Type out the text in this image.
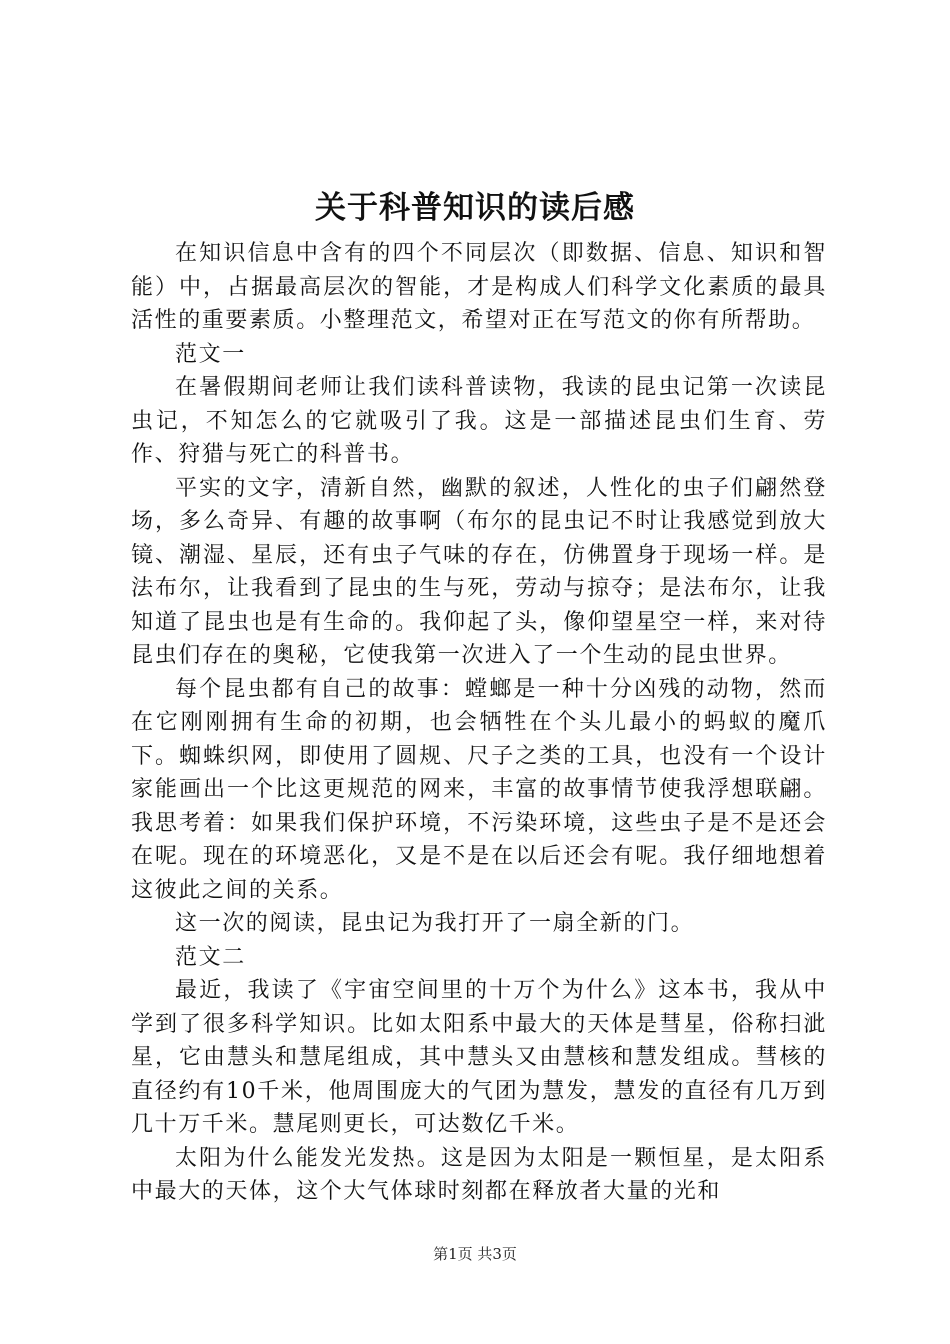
关于科普知识的读后感

在知识信息中含有的四个不同层次（即数据、信息、知识和智能）中，占据最高层次的智能，才是构成人们科学文化素质的最具活性的重要素质。小整理范文，希望对正在写范文的你有所帮助。

范文一

在暑假期间老师让我们读科普读物，我读的昆虫记第一次读昆虫记，不知怎么的它就吸引了我。这是一部描述昆虫们生育、劳作、狩猎与死亡的科普书。

平实的文字，清新自然，幽默的叙述，人性化的虫子们翩然登场，多么奇异、有趣的故事啊（布尔的昆虫记不时让我感觉到放大镜、潮湿、星辰，还有虫子气味的存在，仿佛置身于现场一样。是法布尔，让我看到了昆虫的生与死，劳动与掠夺；是法布尔，让我知道了昆虫也是有生命的。我仰起了头，像仰望星空一样，来对待昆虫们存在的奥秘，它使我第一次进入了一个生动的昆虫世界。

每个昆虫都有自己的故事：螳螂是一种十分凶残的动物，然而在它刚刚拥有生命的初期，也会牺牲在个头儿最小的蚂蚁的魔爪下。蜘蛛织网，即使用了圆规、尺子之类的工具，也没有一个设计家能画出一个比这更规范的网来，丰富的故事情节使我浮想联翩。我思考着：如果我们保护环境，不污染环境，这些虫子是不是还会在呢。现在的环境恶化，又是不是在以后还会有呢。我仔细地想着这彼此之间的关系。

这一次的阅读，昆虫记为我打开了一扇全新的门。

范文二

最近，我读了《宇宙空间里的十万个为什么》这本书，我从中学到了很多科学知识。比如太阳系中最大的天体是彗星，俗称扫泚星，它由慧头和慧尾组成，其中慧头又由慧核和慧发组成。彗核的直径约有10千米，他周围庞大的气团为慧发，慧发的直径有几万到几十万千米。慧尾则更长，可达数亿千米。

太阳为什么能发光发热。这是因为太阳是一颗恒星，是太阳系中最大的天体，这个大气体球时刻都在释放者大量的光和

第1页 共3页
